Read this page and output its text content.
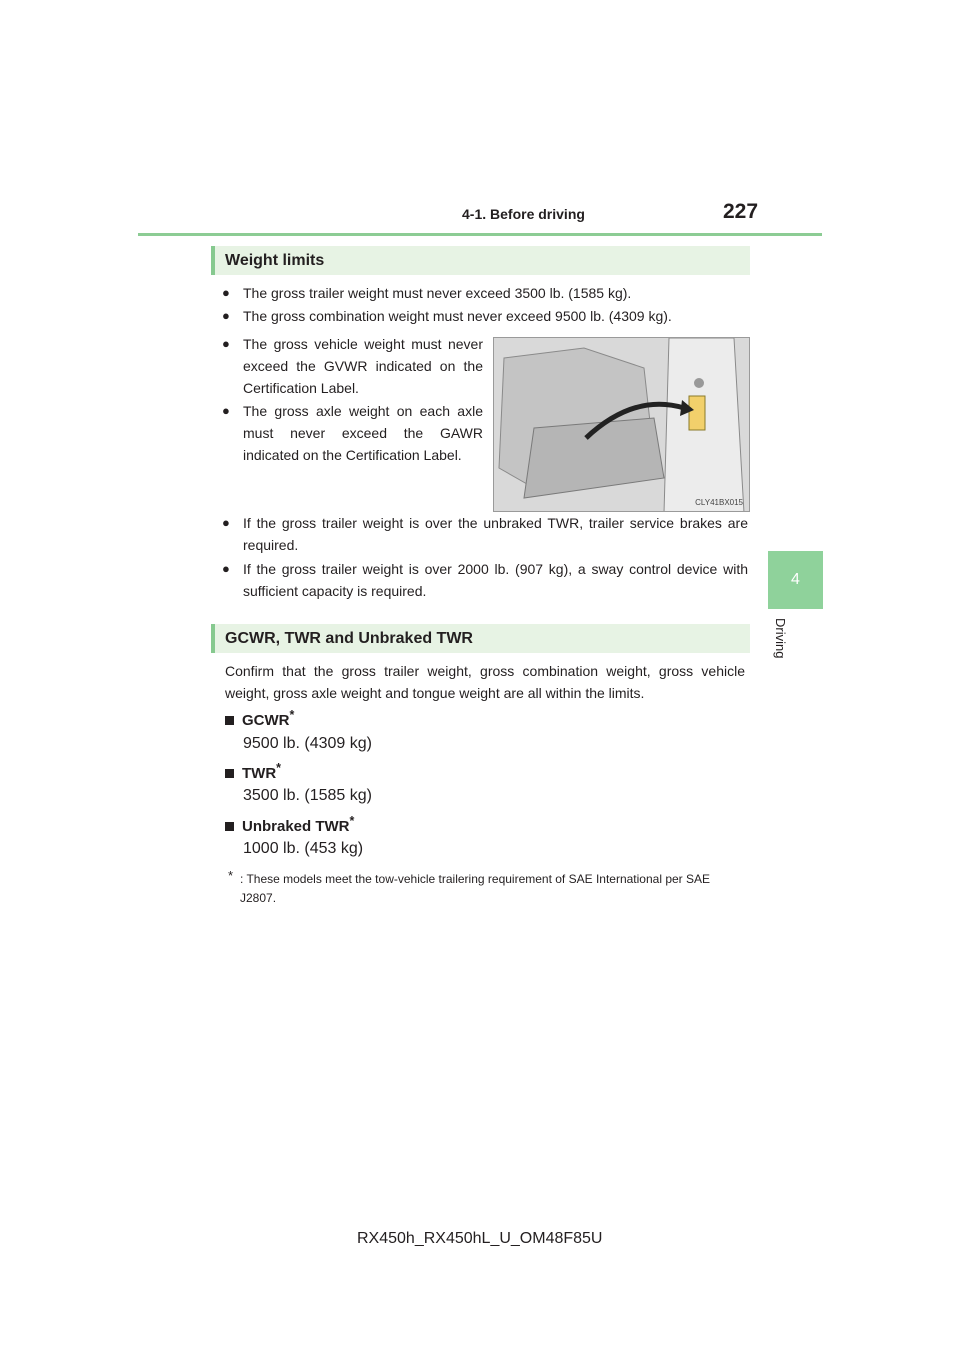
4-1. Before driving	227
4
Driving
Weight limits
● The gross trailer weight must never exceed 3500 lb. (1585 kg).
● The gross combination weight must never exceed 9500 lb. (4309 kg).
● The gross vehicle weight must never exceed the GVWR indicated on the Certification Label.
● The gross axle weight on each axle must never exceed the GAWR indicated on the Certification Label.
CLY41BX015
● If the gross trailer weight is over the unbraked TWR, trailer service brakes are required.
● If the gross trailer weight is over 2000 lb. (907 kg), a sway control device with sufficient capacity is required.
GCWR, TWR and Unbraked TWR
Confirm that the gross trailer weight, gross combination weight, gross vehicle weight, gross axle weight and tongue weight are all within the limits.
GCWR*
9500 lb. (4309 kg)
TWR*
3500 lb. (1585 kg)
Unbraked TWR*
1000 lb. (453 kg)
* : These models meet the tow-vehicle trailering requirement of SAE International per SAE J2807.
RX450h_RX450hL_U_OM48F85U
